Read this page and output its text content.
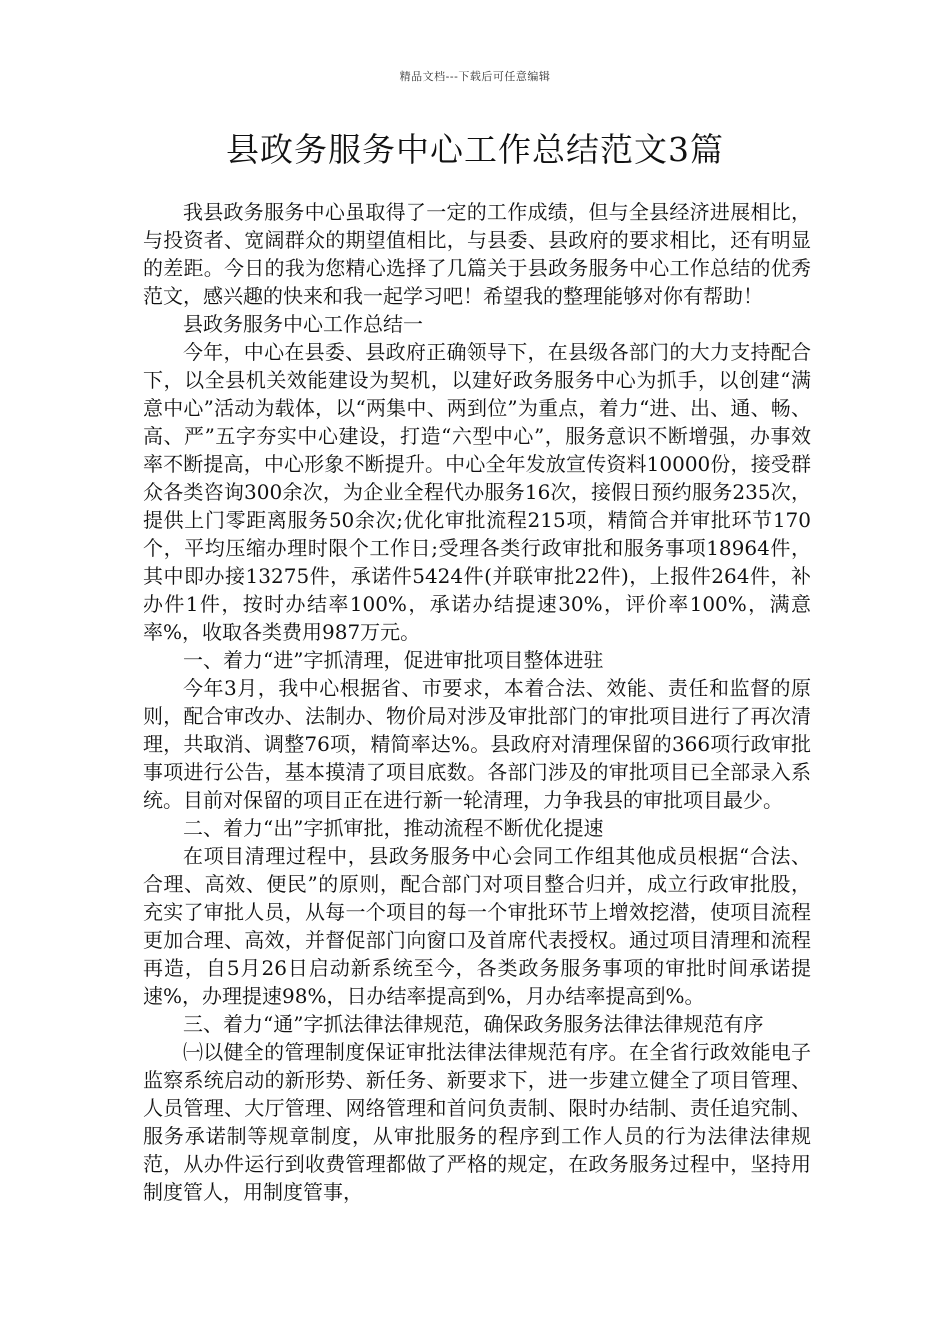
精品文档---下载后可任意编辑
县政务服务中心工作总结范文3篇

我县政务服务中心虽取得了一定的工作成绩，但与全县经济进展相比，与投资者、宽阔群众的期望值相比，与县委、县政府的要求相比，还有明显的差距。今日的我为您精心选择了几篇关于县政务服务中心工作总结的优秀范文，感兴趣的快来和我一起学习吧！希望我的整理能够对你有帮助！

县政务服务中心工作总结一

今年，中心在县委、县政府正确领导下，在县级各部门的大力支持配合下，以全县机关效能建设为契机，以建好政务服务中心为抓手，以创建“满意中心”活动为载体，以“两集中、两到位”为重点，着力“进、出、通、畅、高、严”五字夯实中心建设，打造“六型中心”，服务意识不断增强，办事效率不断提高，中心形象不断提升。中心全年发放宣传资料10000份，接受群众各类咨询300余次，为企业全程代办服务16次，接假日预约服务235次，提供上门零距离服务50余次;优化审批流程215项，精简合并审批环节170个，平均压缩办理时限个工作日;受理各类行政审批和服务事项18964件，其中即办接13275件，承诺件5424件(并联审批22件)，上报件264件，补办件1件，按时办结率100%，承诺办结提速30%，评价率100%，满意率%，收取各类费用987万元。

一、着力“进”字抓清理，促进审批项目整体进驻

今年3月，我中心根据省、市要求，本着合法、效能、责任和监督的原则，配合审改办、法制办、物价局对涉及审批部门的审批项目进行了再次清理，共取消、调整76项，精简率达%。县政府对清理保留的366项行政审批事项进行公告，基本摸清了项目底数。各部门涉及的审批项目已全部录入系统。目前对保留的项目正在进行新一轮清理，力争我县的审批项目最少。

二、着力“出”字抓审批，推动流程不断优化提速

在项目清理过程中，县政务服务中心会同工作组其他成员根据“合法、合理、高效、便民”的原则，配合部门对项目整合归并，成立行政审批股，充实了审批人员，从每一个项目的每一个审批环节上增效挖潜，使项目流程更加合理、高效，并督促部门向窗口及首席代表授权。通过项目清理和流程再造，自5月26日启动新系统至今，各类政务服务事项的审批时间承诺提速%，办理提速98%，日办结率提高到%，月办结率提高到%。

三、着力“通”字抓法律法律规范，确保政务服务法律法律规范有序

㈠以健全的管理制度保证审批法律法律规范有序。在全省行政效能电子监察系统启动的新形势、新任务、新要求下，进一步建立健全了项目管理、人员管理、大厅管理、网络管理和首问负责制、限时办结制、责任追究制、服务承诺制等规章制度，从审批服务的程序到工作人员的行为法律法律规范，从办件运行到收费管理都做了严格的规定，在政务服务过程中，坚持用制度管人，用制度管事，
